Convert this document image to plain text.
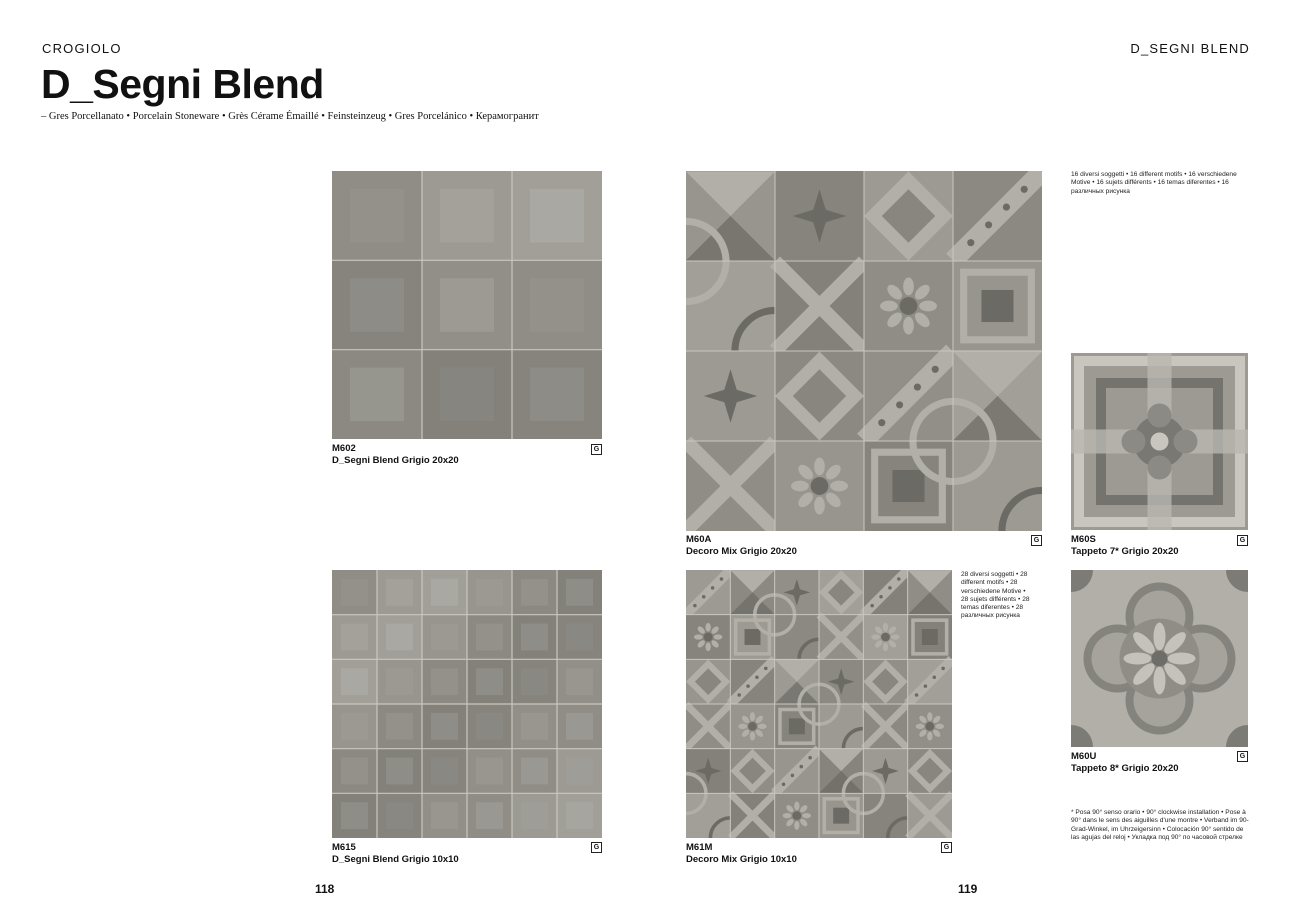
CROGIOLO	D_SEGNI BLEND
D_Segni Blend
– Gres Porcellanato • Porcelain Stoneware • Grès Cérame Émaillé • Feinsteinzeug • Gres Porcelánico • Керамогранит
M602
D_Segni Blend Grigio 20x20
G
M60A
Decoro Mix Grigio 20x20
G
16 diversi soggetti • 16 different motifs • 16 verschiedene Motive • 16 sujets différents • 16 temas diferentes • 16 различных рисунка
M60S
Tappeto 7* Grigio 20x20
G
M615
D_Segni Blend Grigio 10x10
G	M61M
Decoro Mix Grigio 10x10
G
28 diversi soggetti • 28 different motifs • 28 verschiedene Motive • 28 sujets différents • 28 temas diferentes • 28 различных рисунка
M60U
Tappeto 8* Grigio 20x20
G
* Posa 90° senso orario • 90° clockwise installation • Pose à 90° dans le sens des aiguilles d'une montre • Verband im 90-Grad-Winkel, im Uhrzeigersinn • Colocación 90° sentido de las agujas del reloj • Укладка под 90° по часовой стрелке
118	119
